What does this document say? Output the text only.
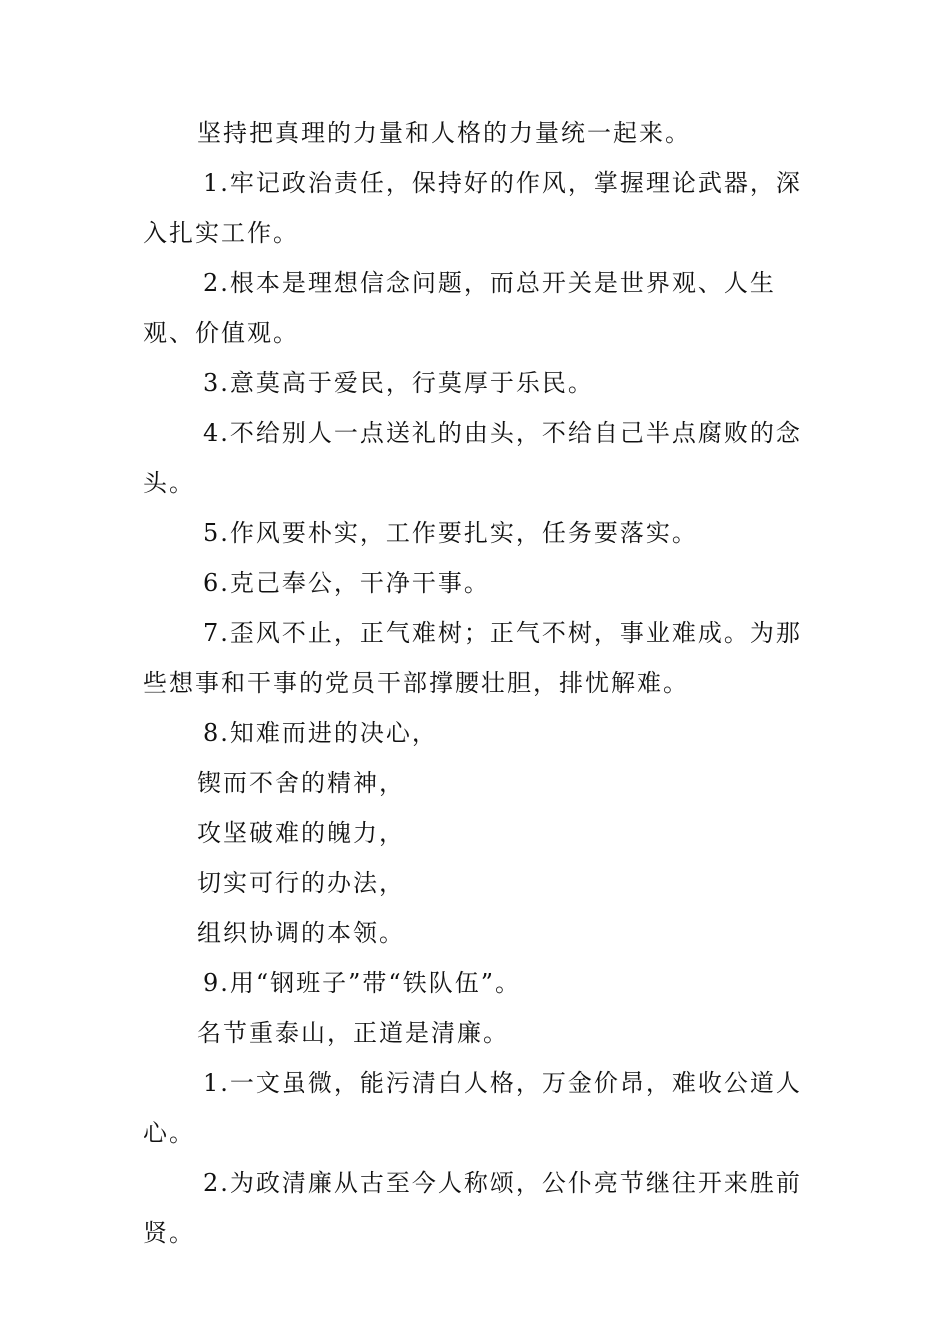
坚持把真理的力量和人格的力量统一起来。

1.牢记政治责任，保持好的作风，掌握理论武器，深入扎实工作。

2.根本是理想信念问题，而总开关是世界观、人生观、价值观。

3.意莫高于爱民，行莫厚于乐民。

4.不给别人一点送礼的由头，不给自己半点腐败的念头。

5.作风要朴实，工作要扎实，任务要落实。

6.克己奉公，干净干事。

7.歪风不止，正气难树；正气不树，事业难成。为那些想事和干事的党员干部撑腰壮胆，排忧解难。

8.知难而进的决心，

锲而不舍的精神，

攻坚破难的魄力，

切实可行的办法，

组织协调的本领。

9.用“钢班子”带“铁队伍”。

名节重泰山，正道是清廉。

1.一文虽微，能污清白人格，万金价昂，难收公道人心。

2.为政清廉从古至今人称颂，公仆亮节继往开来胜前贤。
